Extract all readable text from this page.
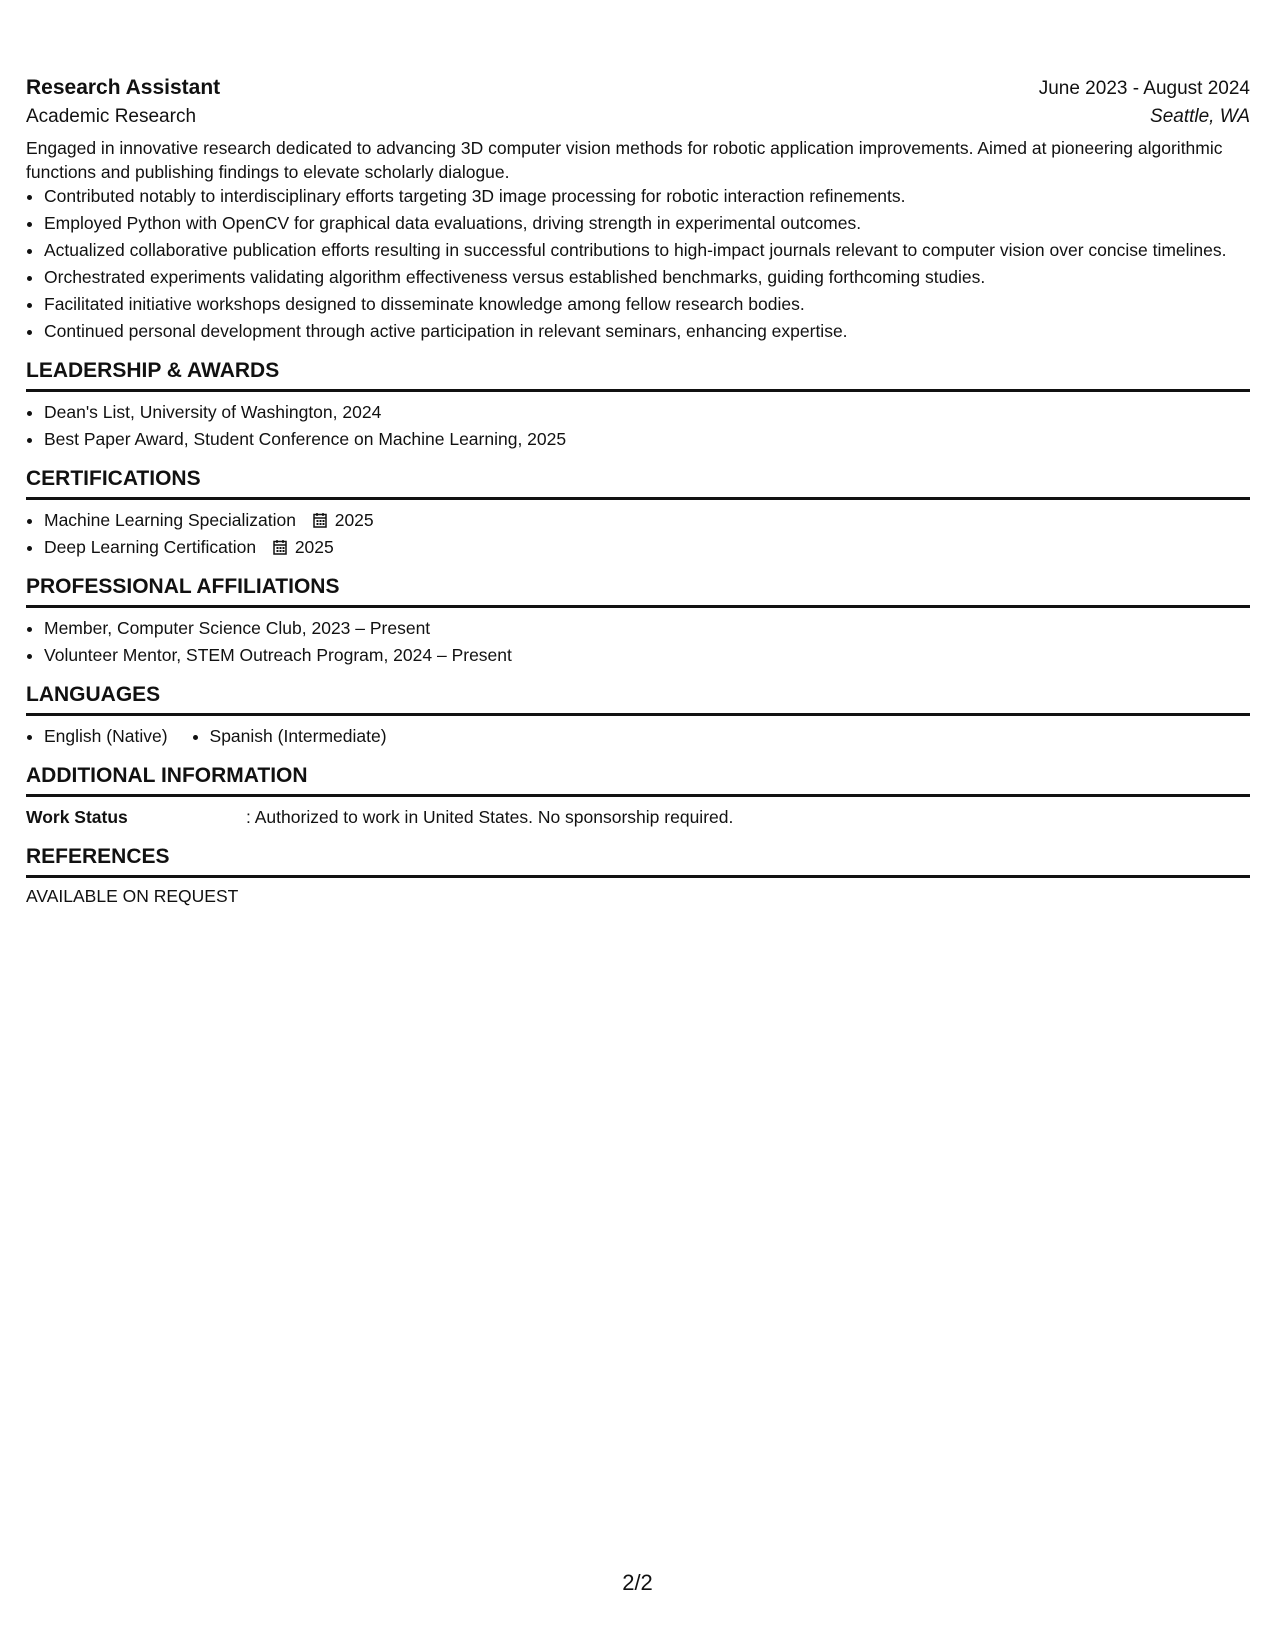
Research Assistant	June 2023 - August 2024
Academic Research	Seattle, WA
Engaged in innovative research dedicated to advancing 3D computer vision methods for robotic application improvements. Aimed at pioneering algorithmic functions and publishing findings to elevate scholarly dialogue.
• Contributed notably to interdisciplinary efforts targeting 3D image processing for robotic interaction refinements.
• Employed Python with OpenCV for graphical data evaluations, driving strength in experimental outcomes.
• Actualized collaborative publication efforts resulting in successful contributions to high-impact journals relevant to computer vision over concise timelines.
• Orchestrated experiments validating algorithm effectiveness versus established benchmarks, guiding forthcoming studies.
• Facilitated initiative workshops designed to disseminate knowledge among fellow research bodies.
• Continued personal development through active participation in relevant seminars, enhancing expertise.
LEADERSHIP & AWARDS
• Dean's List, University of Washington, 2024
• Best Paper Award, Student Conference on Machine Learning, 2025
CERTIFICATIONS
• Machine Learning Specialization 2025
• Deep Learning Certification 2025
PROFESSIONAL AFFILIATIONS
• Member, Computer Science Club, 2023 – Present
• Volunteer Mentor, STEM Outreach Program, 2024 – Present
LANGUAGES
• English (Native)
• Spanish (Intermediate)
ADDITIONAL INFORMATION
Work Status	: Authorized to work in United States. No sponsorship required.
REFERENCES
AVAILABLE ON REQUEST
2/2
